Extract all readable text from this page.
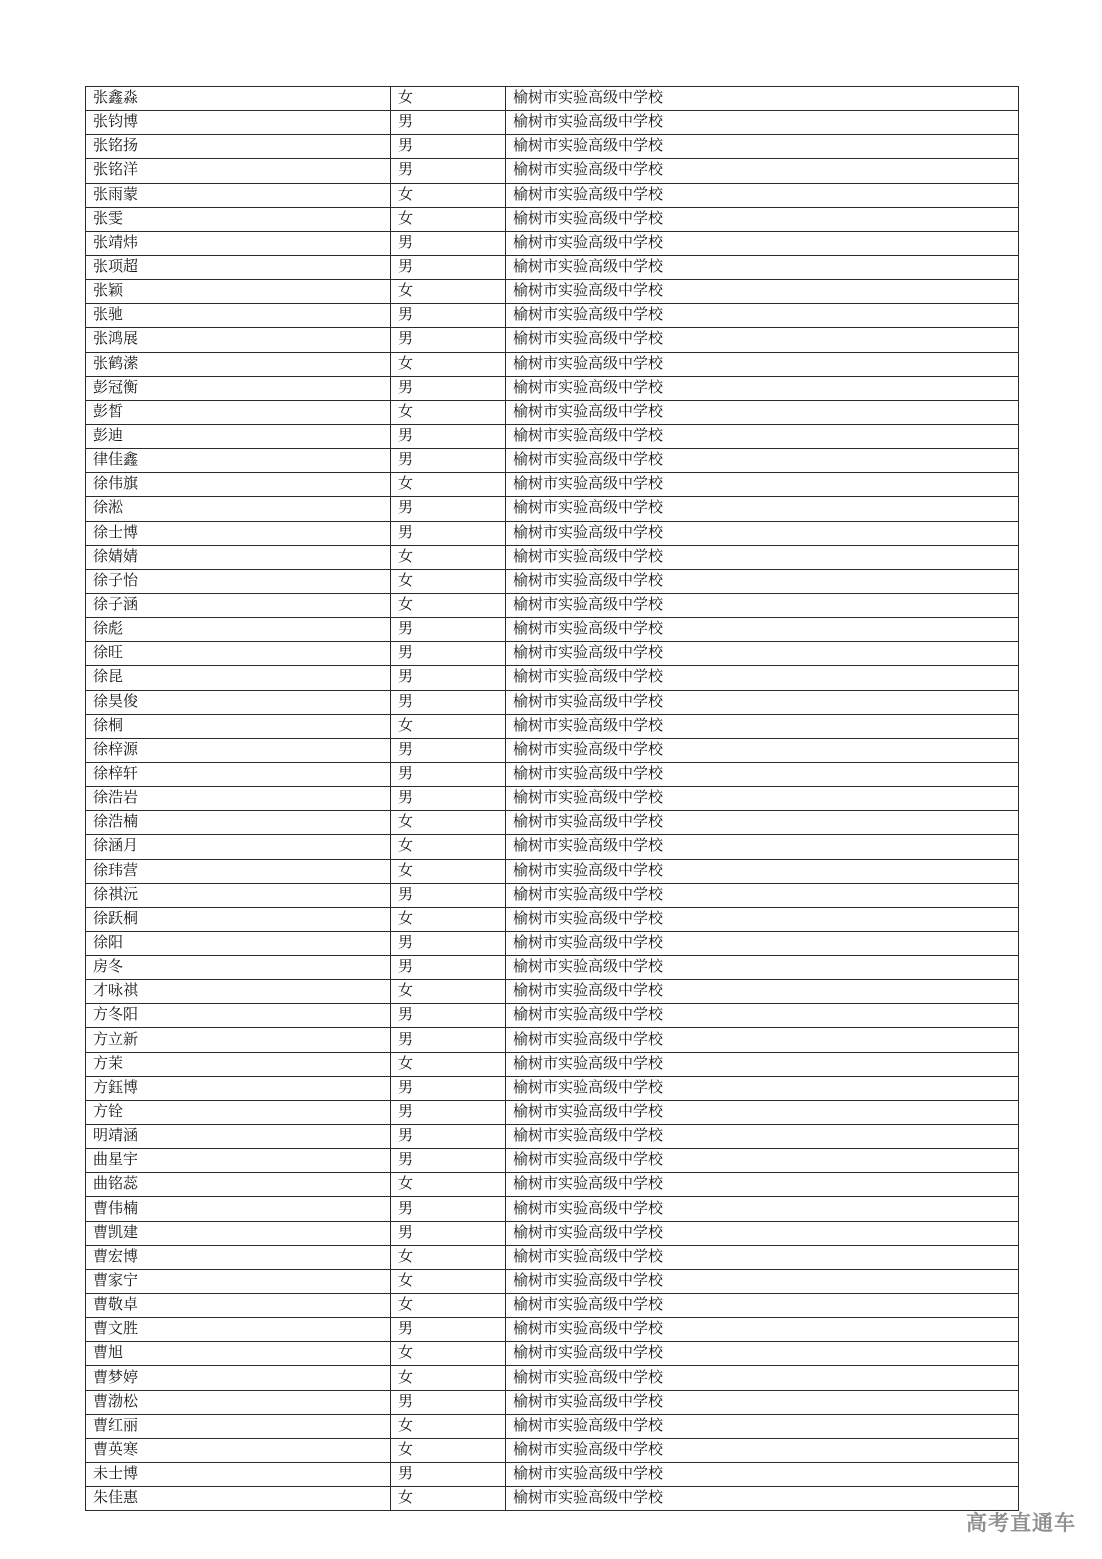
张鑫淼	女	榆树市实验高级中学校
张钧博	男	榆树市实验高级中学校
张铭扬	男	榆树市实验高级中学校
张铭洋	男	榆树市实验高级中学校
张雨蒙	女	榆树市实验高级中学校
张雯	女	榆树市实验高级中学校
张靖炜	男	榆树市实验高级中学校
张项超	男	榆树市实验高级中学校
张颖	女	榆树市实验高级中学校
张驰	男	榆树市实验高级中学校
张鸿展	男	榆树市实验高级中学校
张鹤潆	女	榆树市实验高级中学校
彭冠衡	男	榆树市实验高级中学校
彭皙	女	榆树市实验高级中学校
彭迪	男	榆树市实验高级中学校
律佳鑫	男	榆树市实验高级中学校
徐伟旗	女	榆树市实验高级中学校
徐淞	男	榆树市实验高级中学校
徐士博	男	榆树市实验高级中学校
徐婧婧	女	榆树市实验高级中学校
徐子怡	女	榆树市实验高级中学校
徐子涵	女	榆树市实验高级中学校
徐彪	男	榆树市实验高级中学校
徐旺	男	榆树市实验高级中学校
徐昆	男	榆树市实验高级中学校
徐昊俊	男	榆树市实验高级中学校
徐桐	女	榆树市实验高级中学校
徐梓源	男	榆树市实验高级中学校
徐梓轩	男	榆树市实验高级中学校
徐浩岩	男	榆树市实验高级中学校
徐浩楠	女	榆树市实验高级中学校
徐涵月	女	榆树市实验高级中学校
徐玮营	女	榆树市实验高级中学校
徐祺沅	男	榆树市实验高级中学校
徐跃桐	女	榆树市实验高级中学校
徐阳	男	榆树市实验高级中学校
房冬	男	榆树市实验高级中学校
才咏祺	女	榆树市实验高级中学校
方冬阳	男	榆树市实验高级中学校
方立新	男	榆树市实验高级中学校
方茉	女	榆树市实验高级中学校
方鈺博	男	榆树市实验高级中学校
方铨	男	榆树市实验高级中学校
明靖涵	男	榆树市实验高级中学校
曲星宇	男	榆树市实验高级中学校
曲铭蕊	女	榆树市实验高级中学校
曹伟楠	男	榆树市实验高级中学校
曹凯建	男	榆树市实验高级中学校
曹宏博	女	榆树市实验高级中学校
曹家宁	女	榆树市实验高级中学校
曹敬卓	女	榆树市实验高级中学校
曹文胜	男	榆树市实验高级中学校
曹旭	女	榆树市实验高级中学校
曹梦婷	女	榆树市实验高级中学校
曹渤松	男	榆树市实验高级中学校
曹红丽	女	榆树市实验高级中学校
曹英寒	女	榆树市实验高级中学校
未士博	男	榆树市实验高级中学校
朱佳惠	女	榆树市实验高级中学校
高考直通车
